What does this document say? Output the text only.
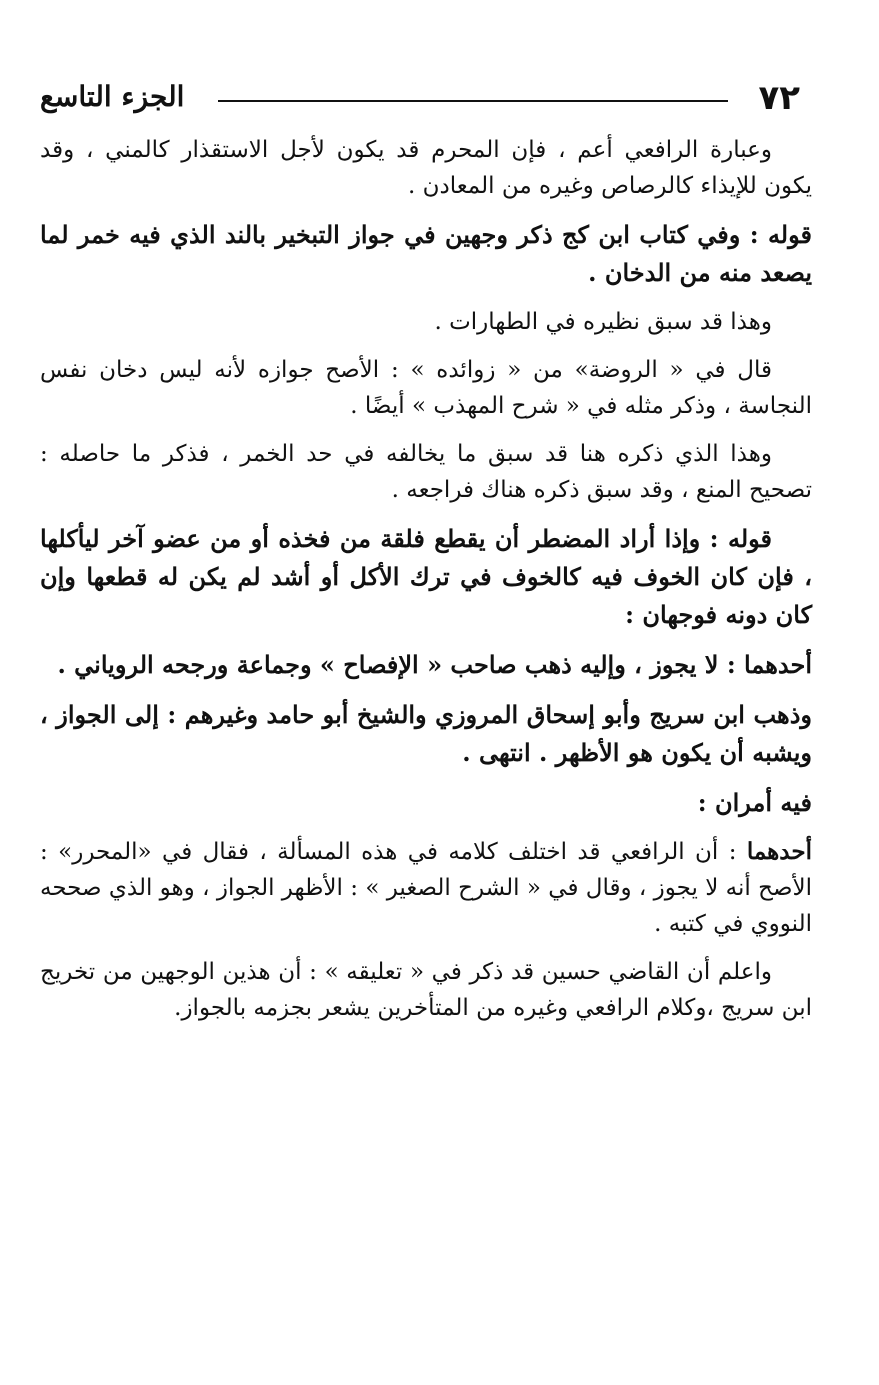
٧٢
الجزء التاسع

وعبارة الرافعي أعم ، فإن المحرم قد يكون لأجل الاستقذار كالمني ، وقد يكون للإيذاء كالرصاص وغيره من المعادن .

قوله : وفي كتاب ابن كج ذكر وجهين في جواز التبخير بالند الذي فيه خمر لما يصعد منه من الدخان .

وهذا قد سبق نظيره في الطهارات .

قال في « الروضة» من « زوائده » : الأصح جوازه لأنه ليس دخان نفس النجاسة ، وذكر مثله في « شرح المهذب » أيضًا .

وهذا الذي ذكره هنا قد سبق ما يخالفه في حد الخمر ، فذكر ما حاصله : تصحيح المنع ، وقد سبق ذكره هناك فراجعه .

قوله : وإذا أراد المضطر أن يقطع فلقة من فخذه أو من عضو آخر ليأكلها ، فإن كان الخوف فيه كالخوف في ترك الأكل أو أشد لم يكن له قطعها وإن كان دونه فوجهان :

أحدهما : لا يجوز ، وإليه ذهب صاحب « الإفصاح » وجماعة ورجحه الروياني .

وذهب ابن سريج وأبو إسحاق المروزي والشيخ أبو حامد وغيرهم : إلى الجواز ، ويشبه أن يكون هو الأظهر . انتهى .

فيه أمران :

أحدهما : أن الرافعي قد اختلف كلامه في هذه المسألة ، فقال في «المحرر» : الأصح أنه لا يجوز ، وقال في « الشرح الصغير » : الأظهر الجواز ، وهو الذي صححه النووي في كتبه .

واعلم أن القاضي حسين قد ذكر في « تعليقه » : أن هذين الوجهين من تخريج ابن سريج ،وكلام الرافعي وغيره من المتأخرين يشعر بجزمه بالجواز.
